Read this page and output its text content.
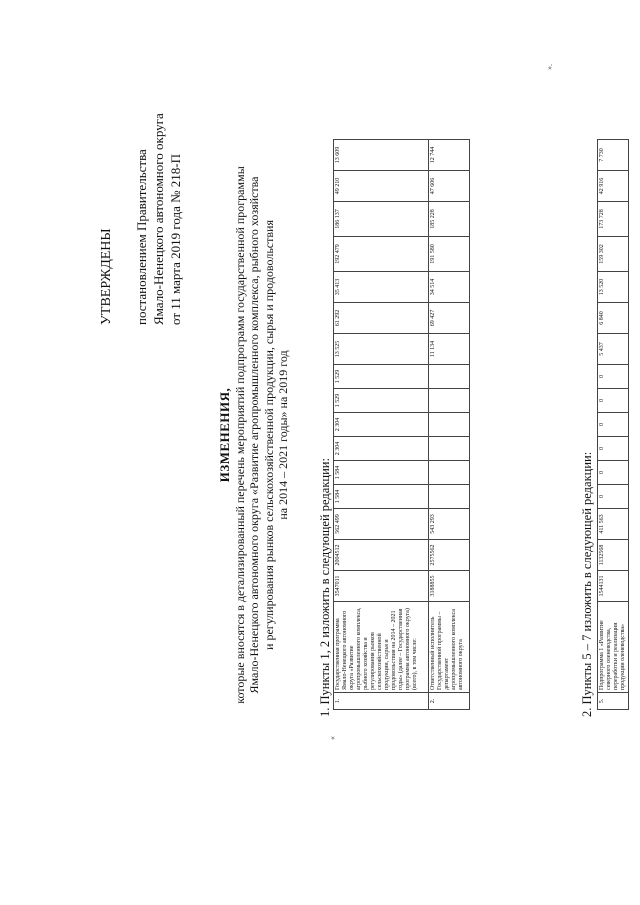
УТВЕРЖДЕНЫ постановлением Правительства Ямало-Ненецкого автономного округа от 11 марта 2019 года № 218-П
ИЗМЕНЕНИЯ, которые вносятся в детализированный перечень мероприятий подпрограмм государственной программы Ямало-Ненецкого автономного округа «Развитие агропромышленного комплекса, рыбного хозяйства и регулирования рынков сельскохозяйственной продукции, сырья и продовольствия на 2014 – 2021 годы» на 2019 год
1. Пункты 1, 2 изложить в следующей редакции:
«
1.	Государственная программа Ямало-Ненецкого автономного округа «Развитие агропромышленного комплекса, рыбного хозяйства и регулирования рынков сельскохозяйственной продукции, сырья и продовольствия на 2014 – 2021 годы» (далее – Государственная программа автономного округа) (всего), в том числе:	3547011	2004512	562 499	1 584	1 584	2 304	2 304	1 529	1 529	13 525	61 292	35 413	192 479	186 137	49 210	13 609
2.	Ответственный исполнитель Государственной программы – департамент агропромышленного комплекса автономного округа	3188855	2575562	543 293							11 134	69 427	34 514	191 580	185 228	47 606	12 744
».
2. Пункты 5 – 7 изложить в следующей редакции: 5.	Подпрограмма 1 «Развитие северного оленеводства, переработки и реализации продукции оленеводства»	1544131	1132568	411 563	0	0	0	0	0	0	5 437	6 840	13 520	159 302	173 728	42 916	7 730
